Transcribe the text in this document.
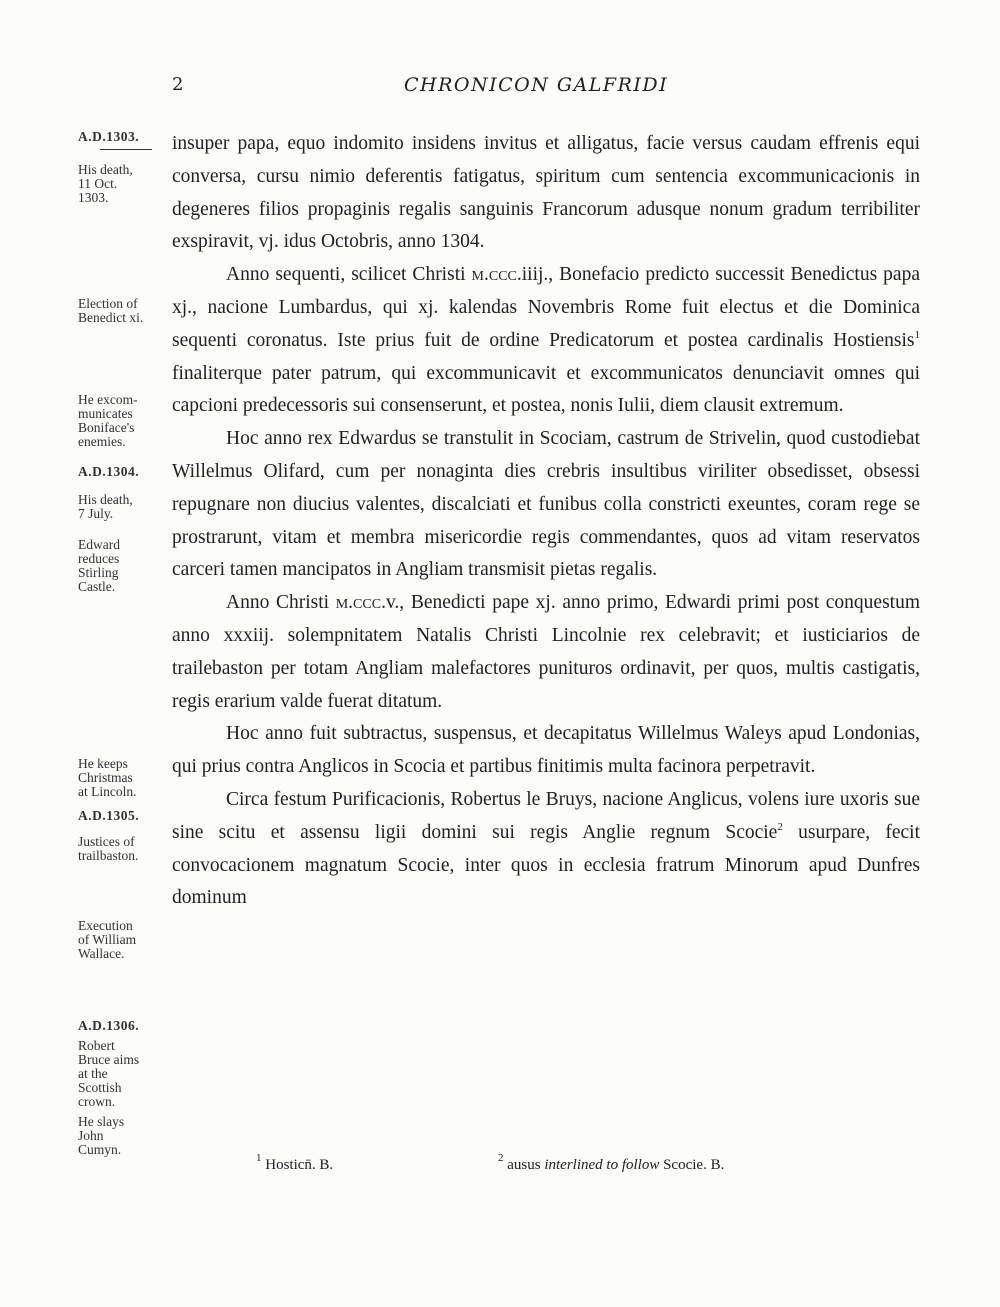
2	CHRONICON GALFRIDI
A.D.1303.
His death,
11 Oct.
1303.
Election of
Benedict xi.
He excom-
municates
Boniface's
enemies.
A.D.1304.
His death,
7 July.
Edward
reduces
Stirling
Castle.
He keeps
Christmas
at Lincoln.
A.D.1305.
Justices of
trailbaston.
Execution
of William
Wallace.
A.D.1306.
Robert
Bruce aims
at the
Scottish
crown.
He slays
John
Cumyn.

insuper papa, equo indomito insidens invitus et alligatus, facie versus caudam effrenis equi conversa, cursu nimio deferentis fatigatus, spiritum cum sentencia excommunicacionis in degeneres filios propaginis regalis sanguinis Francorum adusque nonum gradum terribiliter exspiravit, vj. idus Octobris, anno 1304.

Anno sequenti, scilicet Christi m.ccc.iiij., Bonefacio predicto successit Benedictus papa xj., nacione Lumbardus, qui xj. kalendas Novembris Rome fuit electus et die Dominica sequenti coronatus. Iste prius fuit de ordine Predicatorum et postea cardinalis Hostiensis$^1$ finaliterque pater patrum, qui excommunicavit et excommunicatos denunciavit omnes qui capcioni predecessoris sui consenserunt, et postea, nonis Iulii, diem clausit extremum.

Hoc anno rex Edwardus se transtulit in Scociam, castrum de Strivelin, quod custodiebat Willelmus Olifard, cum per nonaginta dies crebris insultibus viriliter obsedisset, obsessi repugnare non diucius valentes, discalciati et funibus colla constricti exeuntes, coram rege se prostrarunt, vitam et membra misericordie regis commendantes, quos ad vitam reservatos carceri tamen mancipatos in Angliam transmisit pietas regalis.

Anno Christi m.ccc.v., Benedicti pape xj. anno primo, Edwardi primi post conquestum anno xxxiij. solempnitatem Natalis Christi Lincolnie rex celebravit; et iusticiarios de trailebaston per totam Angliam malefactores punituros ordinavit, per quos, multis castigatis, regis erarium valde fuerat ditatum.

Hoc anno fuit subtractus, suspensus, et decapitatus Willelmus Waleys apud Londonias, qui prius contra Anglicos in Scocia et partibus finitimis multa facinora perpetravit.

Circa festum Purificacionis, Robertus le Bruys, nacione Anglicus, volens iure uxoris sue sine scitu et assensu ligii domini sui regis Anglie regnum Scocie$^2$ usurpare, fecit convocacionem magnatum Scocie, inter quos in ecclesia fratrum Minorum apud Dunfres dominum

$^1$ Hosticn̄. B.	$^2$ ausus interlined to follow Scocie. B.
